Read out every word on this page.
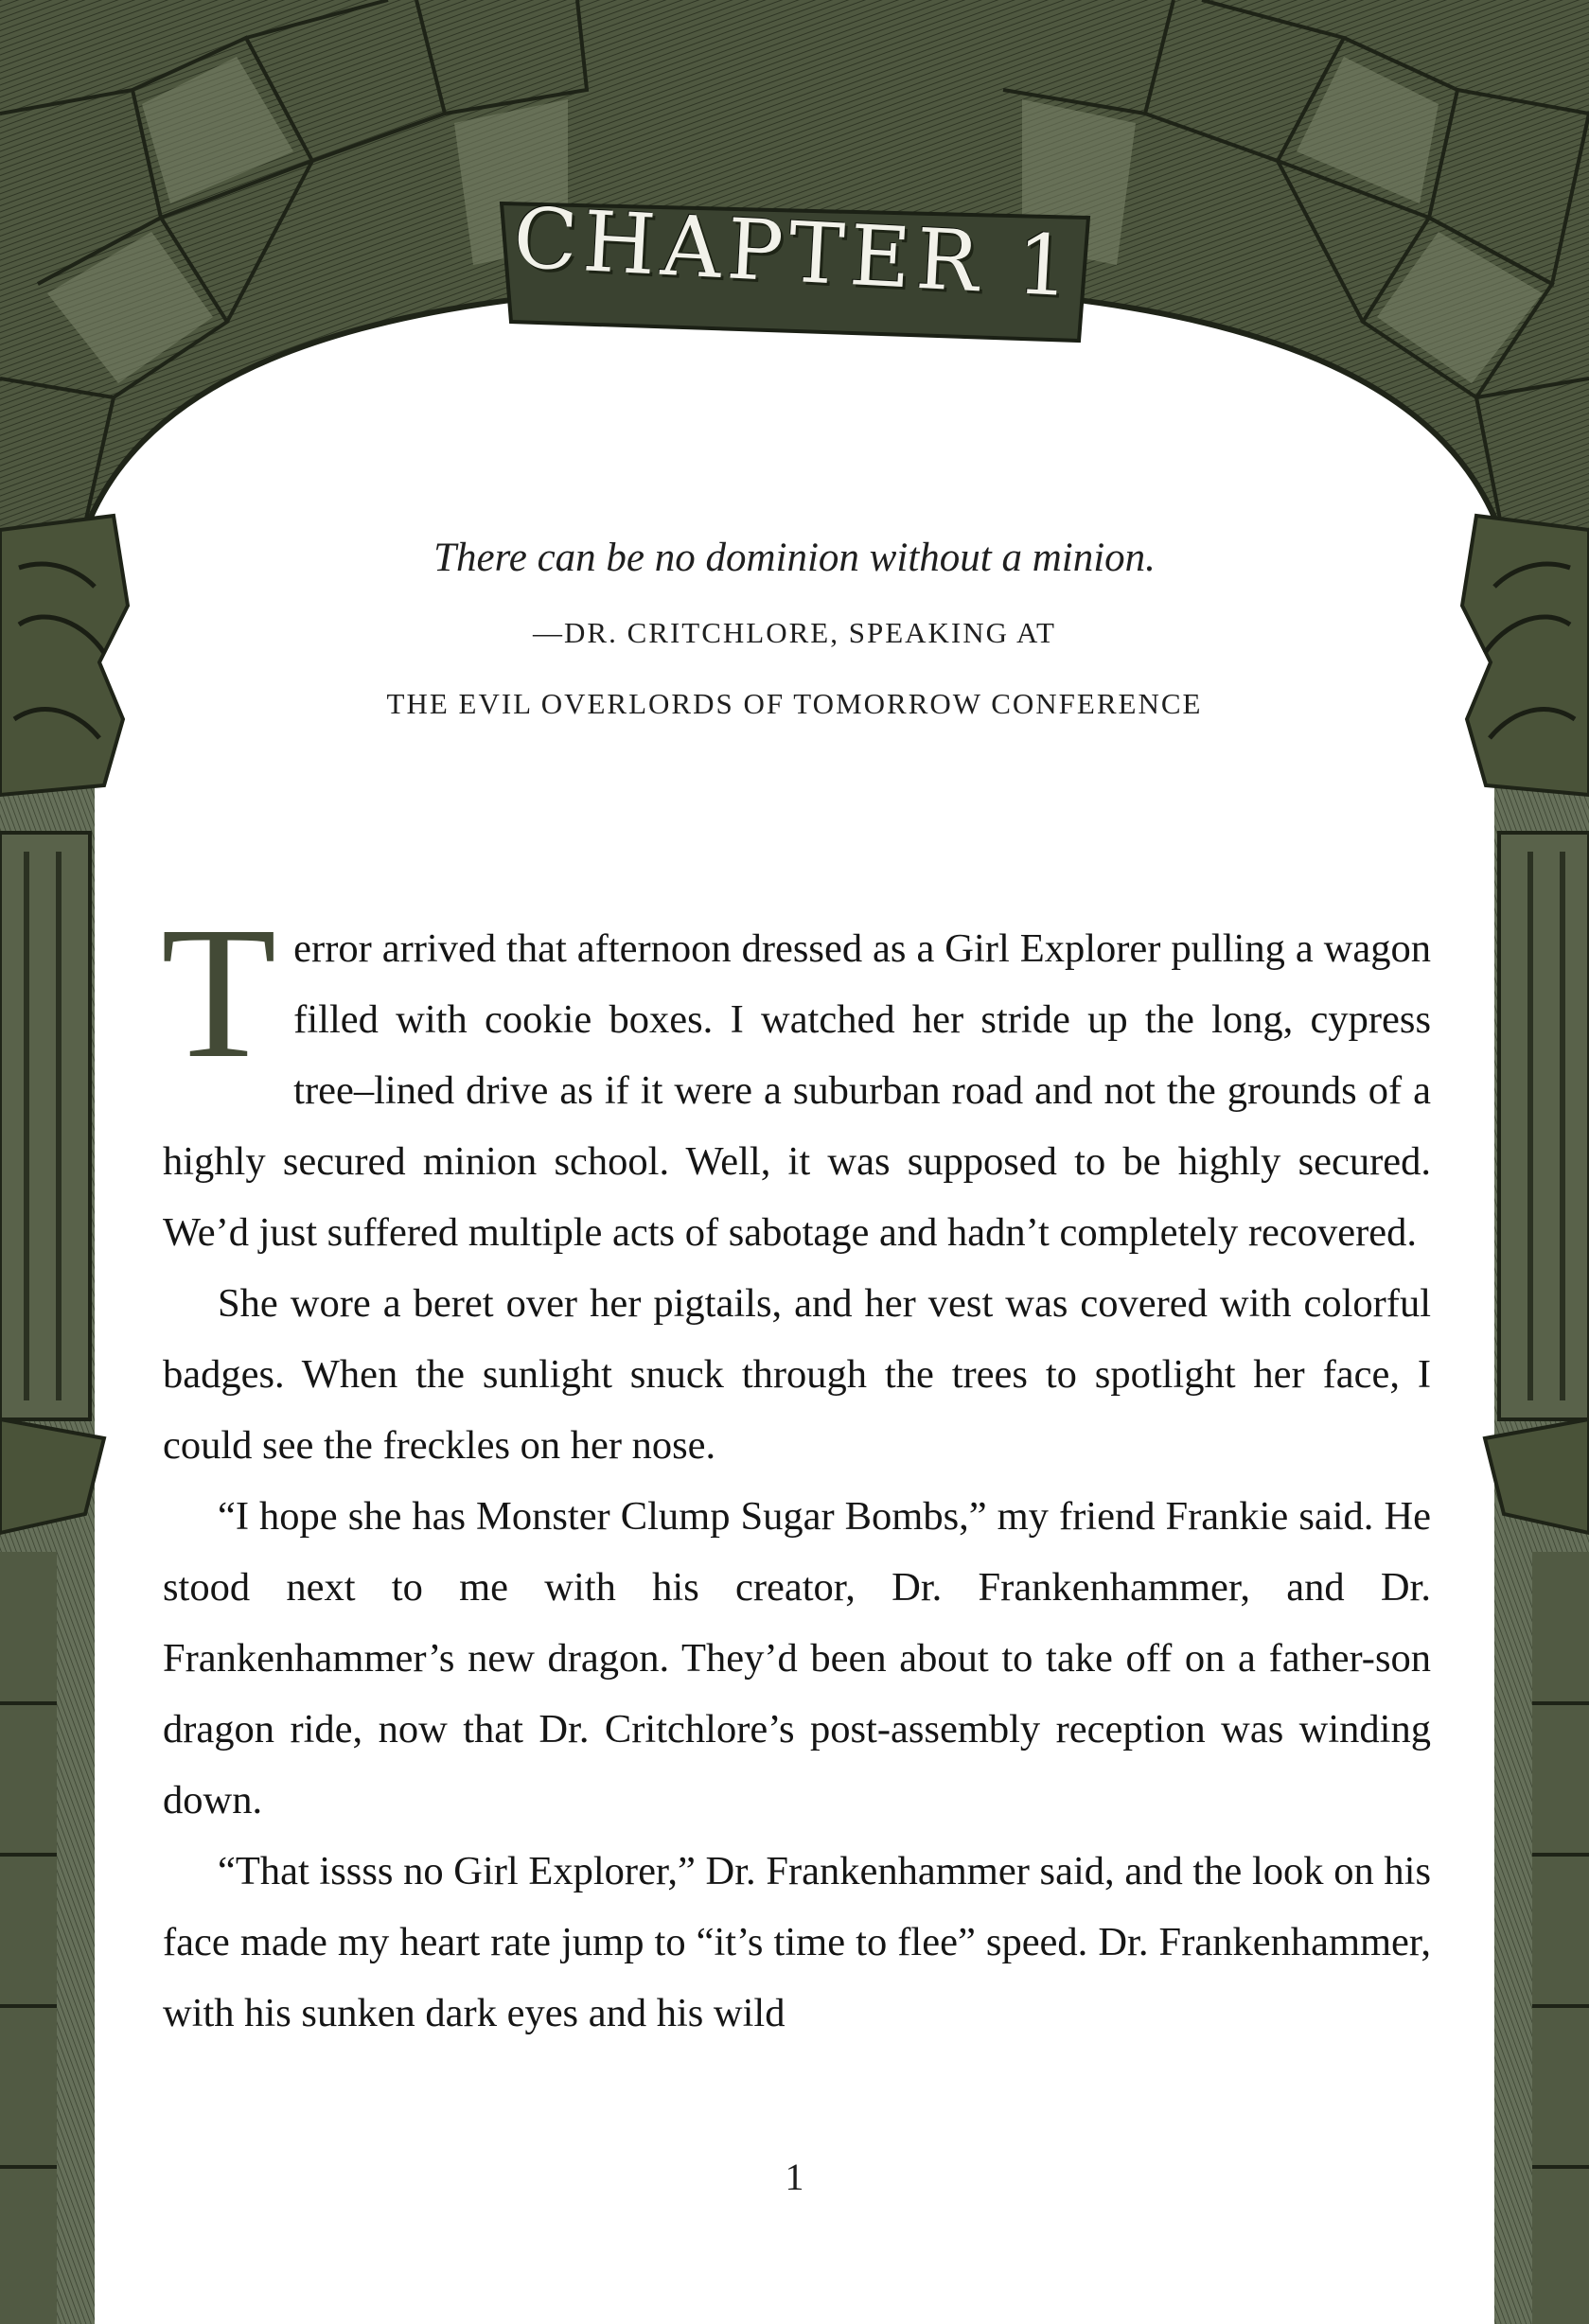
CHAPTER 1

There can be no dominion without a minion.

—DR. CRITCHLORE, SPEAKING AT

THE EVIL OVERLORDS OF TOMORROW CONFERENCE

Terror arrived that afternoon dressed as a Girl Explorer pulling a wagon filled with cookie boxes. I watched her stride up the long, cypress tree–lined drive as if it were a suburban road and not the grounds of a highly secured minion school. Well, it was supposed to be highly secured. We’d just suffered multiple acts of sabotage and hadn’t completely recovered.

She wore a beret over her pigtails, and her vest was covered with colorful badges. When the sunlight snuck through the trees to spotlight her face, I could see the freckles on her nose.

“I hope she has Monster Clump Sugar Bombs,” my friend Frankie said. He stood next to me with his creator, Dr. Frankenhammer, and Dr. Frankenhammer’s new dragon. They’d been about to take off on a father-son dragon ride, now that Dr. Critchlore’s post-assembly reception was winding down.

“That issss no Girl Explorer,” Dr. Frankenhammer said, and the look on his face made my heart rate jump to “it’s time to flee” speed. Dr. Frankenhammer, with his sunken dark eyes and his wild

1
